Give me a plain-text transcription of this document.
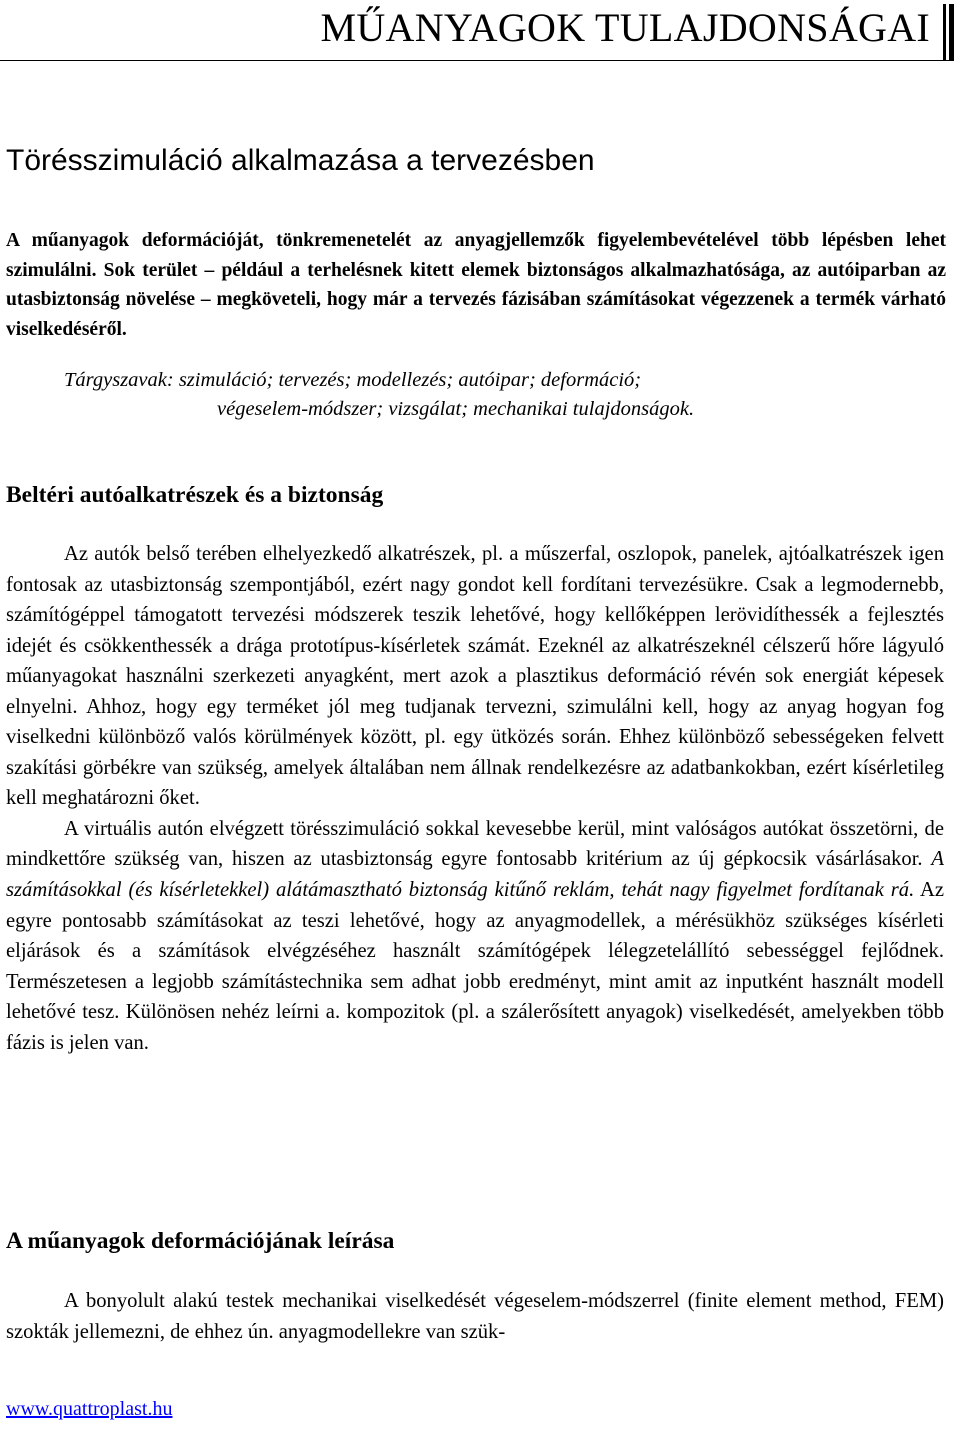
MŰANYAGOK TULAJDONSÁGAI
Törésszimuláció alkalmazása a tervezésben

A műanyagok deformációját, tönkremenetelét az anyagjellemzők figyelembevételével több lépésben lehet szimulálni. Sok terület – például a terhelésnek kitett elemek biztonságos alkalmazhatósága, az autóiparban az utasbiztonság növelése – megköveteli, hogy már a tervezés fázisában számításokat végezzenek a termék várható viselkedéséről.

Tárgyszavak: szimuláció; tervezés; modellezés; autóipar; deformáció;
végeselem-módszer; vizsgálat; mechanikai tulajdonságok.

Beltéri autóalkatrészek és a biztonság

Az autók belső terében elhelyezkedő alkatrészek, pl. a műszerfal, oszlopok, panelek, ajtóalkatrészek igen fontosak az utasbiztonság szempontjából, ezért nagy gondot kell fordítani tervezésükre. Csak a legmodernebb, számítógéppel támogatott tervezési módszerek teszik lehetővé, hogy kellőképpen lerövidíthessék a fejlesztés idejét és csökkenthessék a drága prototípus-kísérletek számát. Ezeknél az alkatrészeknél célszerű hőre lágyuló műanyagokat használni szerkezeti anyagként, mert azok a plasztikus deformáció révén sok energiát képesek elnyelni. Ahhoz, hogy egy terméket jól meg tudjanak tervezni, szimulálni kell, hogy az anyag hogyan fog viselkedni különböző valós körülmények között, pl. egy ütközés során. Ehhez különböző sebességeken felvett szakítási görbékre van szükség, amelyek általában nem állnak rendelkezésre az adatbankokban, ezért kísérletileg kell meghatározni őket.

A virtuális autón elvégzett törésszimuláció sokkal kevesebbe kerül, mint valóságos autókat összetörni, de mindkettőre szükség van, hiszen az utasbiztonság egyre fontosabb kritérium az új gépkocsik vásárlásakor. A számításokkal (és kísérletekkel) alátámasztható biztonság kitűnő reklám, tehát nagy figyelmet fordítanak rá. Az egyre pontosabb számításokat az teszi lehetővé, hogy az anyagmodellek, a mérésükhöz szükséges kísérleti eljárások és a számítások elvégzéséhez használt számítógépek lélegzetelállító sebességgel fejlődnek. Természetesen a legjobb számítástechnika sem adhat jobb eredményt, mint amit az inputként használt modell lehetővé tesz. Különösen nehéz leírni a. kompozitok (pl. a szálerősített anyagok) viselkedését, amelyekben több fázis is jelen van.

A műanyagok deformációjának leírása

A bonyolult alakú testek mechanikai viselkedését végeselem-módszerrel (finite element method, FEM) szokták jellemezni, de ehhez ún. anyagmodellekre van szük-

www.quattroplast.hu
